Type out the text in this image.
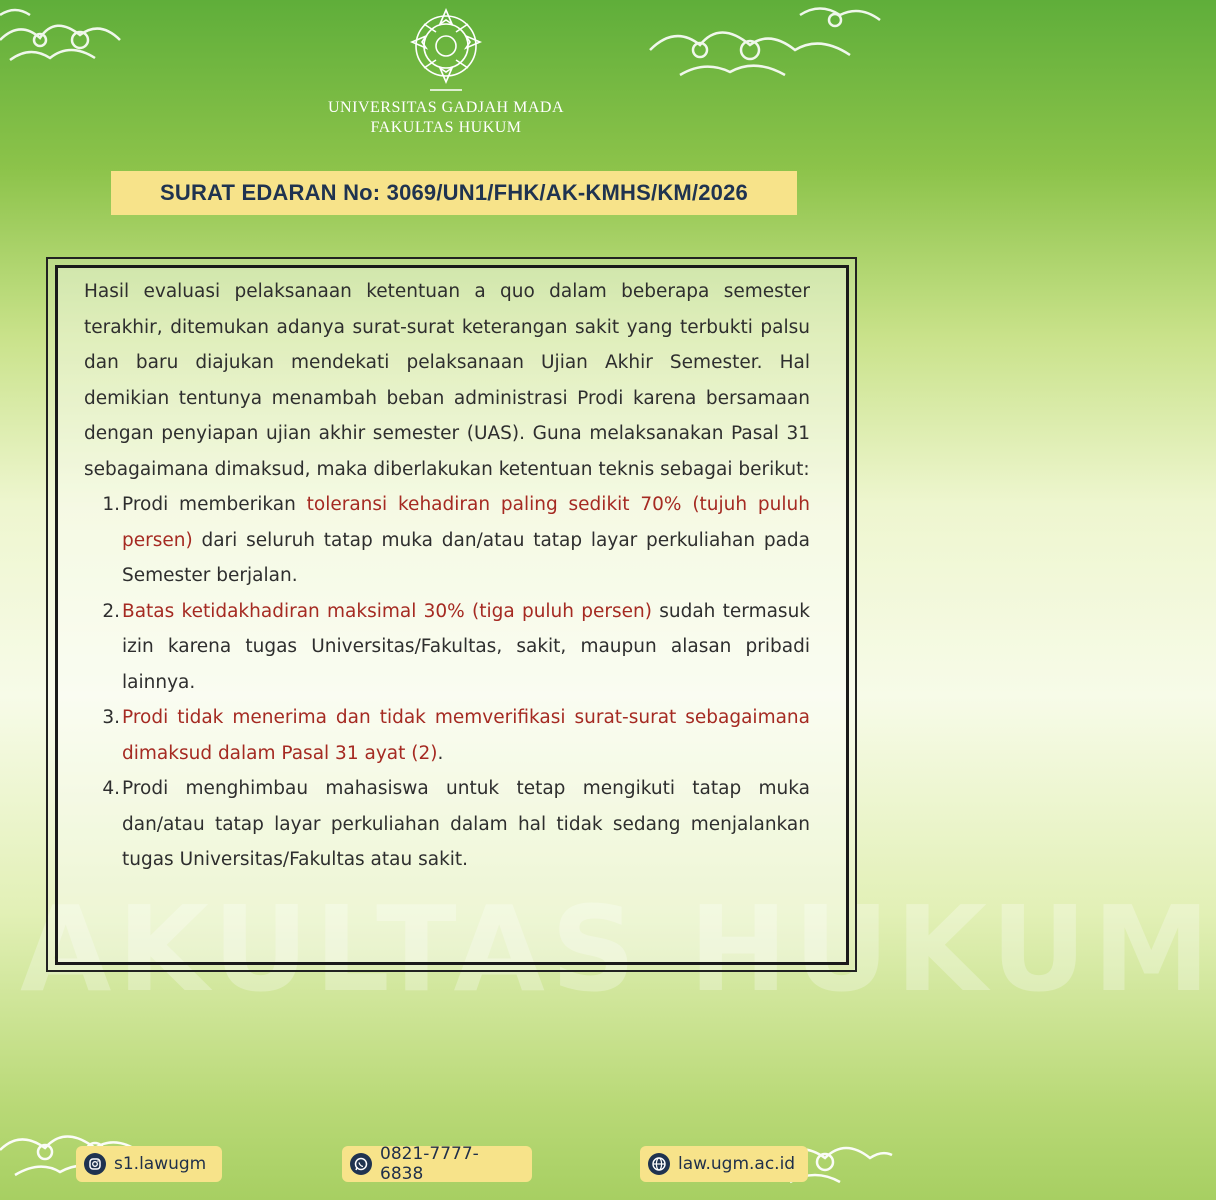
AKULTAS HUKUM
UNIVERSITAS GADJAH MADA
FAKULTAS HUKUM
SURAT EDARAN No: 3069/UN1/FHK/AK-KMHS/KM/2026

Hasil evaluasi pelaksanaan ketentuan a quo dalam beberapa semester terakhir, ditemukan adanya surat-surat keterangan sakit yang terbukti palsu dan baru diajukan mendekati pelaksanaan Ujian Akhir Semester. Hal demikian tentunya menambah beban administrasi Prodi karena bersamaan dengan penyiapan ujian akhir semester (UAS). Guna melaksanakan Pasal 31 sebagaimana dimaksud, maka diberlakukan ketentuan teknis sebagai berikut:

1. Prodi memberikan toleransi kehadiran paling sedikit 70% (tujuh puluh persen) dari seluruh tatap muka dan/atau tatap layar perkuliahan pada Semester berjalan.
2. Batas ketidakhadiran maksimal 30% (tiga puluh persen) sudah termasuk izin karena tugas Universitas/Fakultas, sakit, maupun alasan pribadi lainnya.
3. Prodi tidak menerima dan tidak memverifikasi surat-surat sebagaimana dimaksud dalam Pasal 31 ayat (2).
4. Prodi menghimbau mahasiswa untuk tetap mengikuti tatap muka dan/atau tatap layar perkuliahan dalam hal tidak sedang menjalankan tugas Universitas/Fakultas atau sakit.
s1.lawugm	0821-7777-6838	law.ugm.ac.id
